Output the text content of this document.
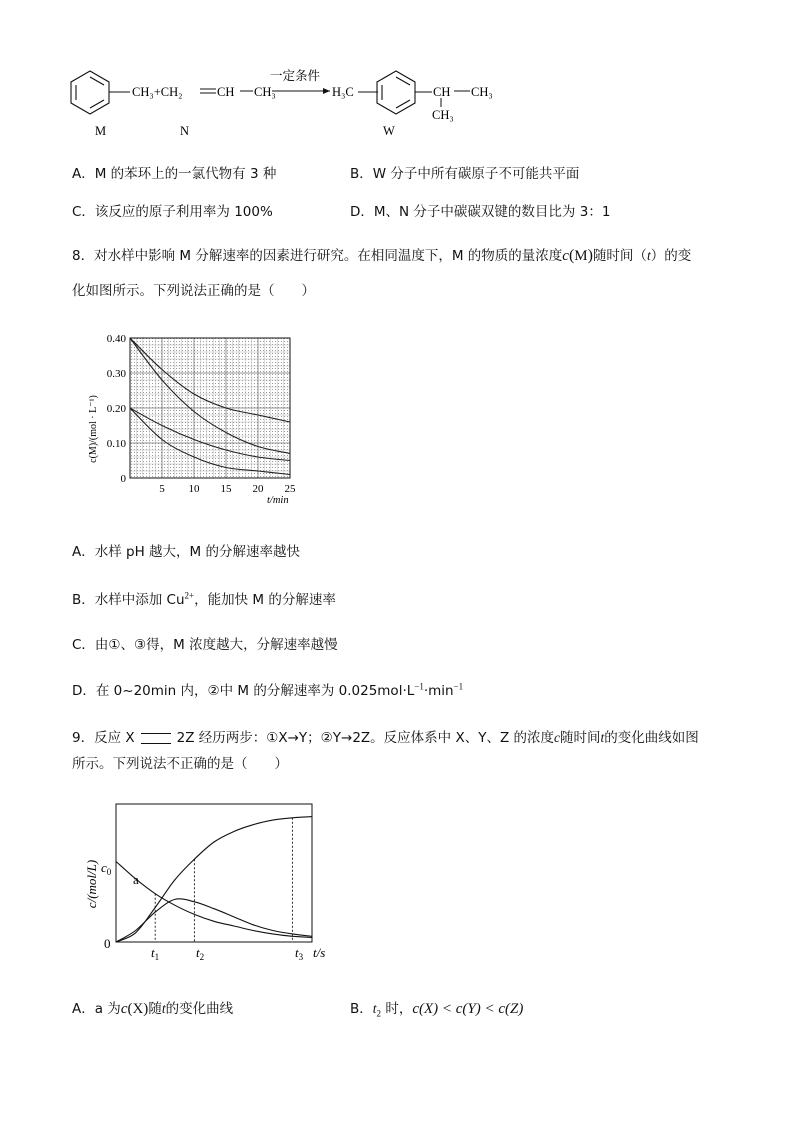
CH₃+CH₂	CH CH₃
一定条件
H₃C	CH CH₃
CH₃
M	N	W
A．M 的苯环上的一氯代物有 3 种	B．W 分子中所有碳原子不可能共平面
C．该反应的原子利用率为 100%	D．M、N 分子中碳碳双键的数目比为 3：1
8．对水样中影响 M 分解速率的因素进行研究。在相同温度下，M 的物质的量浓度c(M)随时间（t）的变
化如图所示。下列说法正确的是（　　）
0.40
0.30
0.20
0.10
0
5 10 15 20 25
c(M)/(mol · L⁻¹)
t/min
A．水样 pH 越大，M 的分解速率越快
B．水样中添加 $Cu^{2+}$，能加快 M 的分解速率
C．由①、③得，M 浓度越大，分解速率越慢
D．在 0~20min 内，②中 M 的分解速率为 $0.025mol\cdot L^{-1}\cdot\min^{-1}$
9．反应 X	2Z 经历两步：①X→Y；②Y→2Z。反应体系中 X、Y、Z 的浓度c随时间t的变化曲线如图
所示。下列说法不正确的是（　　）
c/(mol/L) $c_0$
0
a
$t_1$	$t_2$	$t_3$ t/s
A．a 为c(X)随t的变化曲线	B．$t_2$ 时，c(X) < c(Y) < c(Z)
